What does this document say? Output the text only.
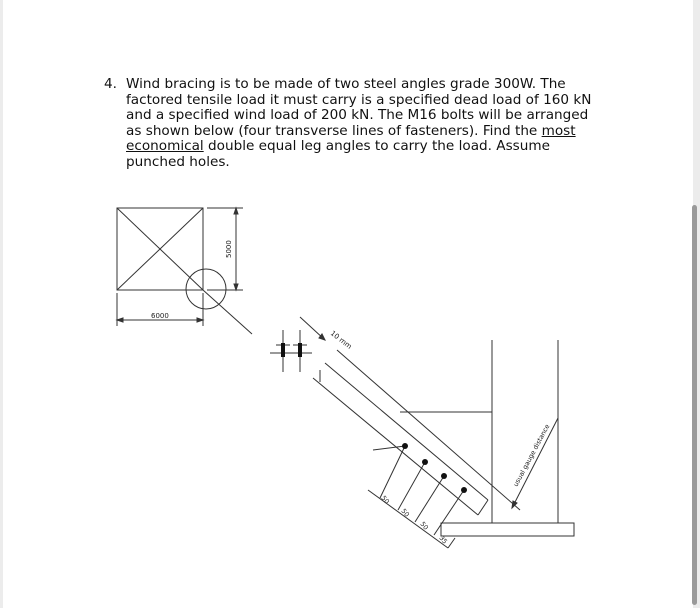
4. Wind bracing is to be made of two steel angles grade 300W. The factored tensile load it must carry is a specified dead load of 160 kN and a specified wind load of 200 kN. The M16 bolts will be arranged as shown below (four transverse lines of fasteners). Find the most economical double equal leg angles to carry the load. Assume punched holes.
6000
5000
10 mm
50
50
50
35
usual gauge distance
